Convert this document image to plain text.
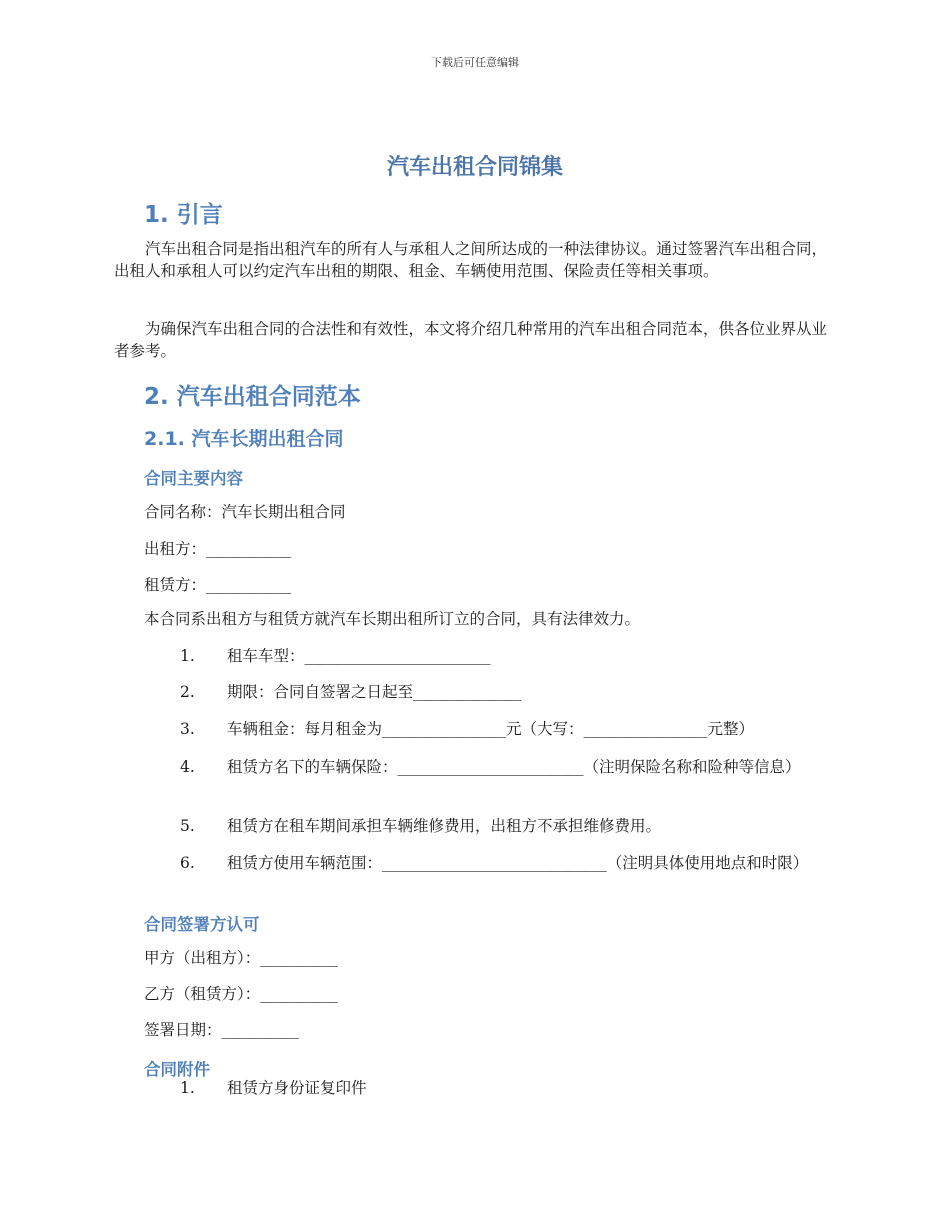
下载后可任意编辑
汽车出租合同锦集
1. 引言

汽车出租合同是指出租汽车的所有人与承租人之间所达成的一种法律协议。通过签署汽车出租合同，出租人和承租人可以约定汽车出租的期限、租金、车辆使用范围、保险责任等相关事项。

为确保汽车出租合同的合法性和有效性，本文将介绍几种常用的汽车出租合同范本，供各位业界从业者参考。

2. 汽车出租合同范本
2.1. 汽车长期出租合同
合同主要内容

合同名称：汽车长期出租合同

出租方：___________

租赁方：___________

本合同系出租方与租赁方就汽车长期出租所订立的合同，具有法律效力。

1. 租车车型：________________________
2. 期限：合同自签署之日起至______________
3. 车辆租金：每月租金为________________元（大写：________________元整）
4. 租赁方名下的车辆保险：________________________（注明保险名称和险种等信息）
5. 租赁方在租车期间承担车辆维修费用，出租方不承担维修费用。
6. 租赁方使用车辆范围：_____________________________（注明具体使用地点和时限）
合同签署方认可

甲方（出租方）：__________

乙方（租赁方）：__________

签署日期：__________

合同附件
1. 租赁方身份证复印件
